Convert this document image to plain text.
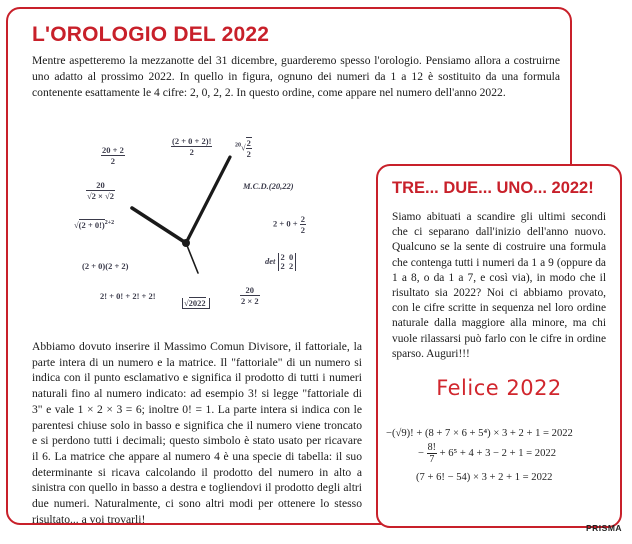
L'OROLOGIO DEL 2022

Mentre aspetteremo la mezzanotte del 31 dicembre, guarderemo spesso l'orologio. Pensiamo allora a costruirne uno adatto al prossimo 2022. In quello in figura, ognuno dei numeri da 1 a 12 è sostituito da una formula contenente esattamente le 4 cifre: 2, 0, 2, 2. In questo ordine, come appare nel numero dell'anno 2022.

$\frac{(2 + 0 + 2)!}{2}$	$^{20}√ \frac{2}{2}$
M.C.D.(20,22)
$2 + 0 + \frac{2}{2}$
det 2 0
2 2
$\frac{20}{2 \times 2}$
√2022
2! + 0! + 2! + 2!
(2 + 0)(2 + 2)
$√(2 + 0!)^{2+2}$
$\frac{20}{√2 \times √2}$
$\frac{20 + 2}{2}$

Abbiamo dovuto inserire il Massimo Comun Divisore, il fattoriale, la parte intera di un numero e la matrice. Il "fattoriale" di un numero si indica con il punto esclamativo e significa il prodotto di tutti i numeri naturali fino al numero indicato: ad esempio 3! si legge "fattoriale di 3" e vale 1 × 2 × 3 = 6; inoltre 0! = 1. La parte intera si indica con le parentesi chiuse solo in basso e significa che il numero viene troncato e si perdono tutti i decimali; questo simbolo è stato usato per ricavare il 6. La matrice che appare al numero 4 è una specie di tabella: il suo determinante si ricava calcolando il prodotto del numero in alto a sinistra con quello in basso a destra e togliendovi il prodotto degli altri due numeri. Naturalmente, ci sono altri modi per ottenere lo stesso risultato... a voi trovarli!

TRE... DUE... UNO... 2022!

Siamo abituati a scandire gli ultimi secondi che ci separano dall'inizio dell'anno nuovo. Qualcuno se la sente di costruire una formula che contenga tutti i numeri da 1 a 9 (oppure da 1 a 8, o da 1 a 7, e così via), in modo che il risultato sia 2022? Noi ci abbiamo provato, con le cifre scritte in sequenza nel loro ordine naturale dalla maggiore alla minore, ma chi vuole rilassarsi può farlo con le cifre in ordine sparso. Auguri!!!

Felice 2022
−(√9)! + (8 + 7 × 6 + 5⁴) × 3 + 2 + 1 = 2022
− $\frac{8!}{7} + 6^5 + 4 + 3 - 2 + 1 = 2022$
(7 + 6! − 54) × 3 + 2 + 1 = 2022
PRISMA
